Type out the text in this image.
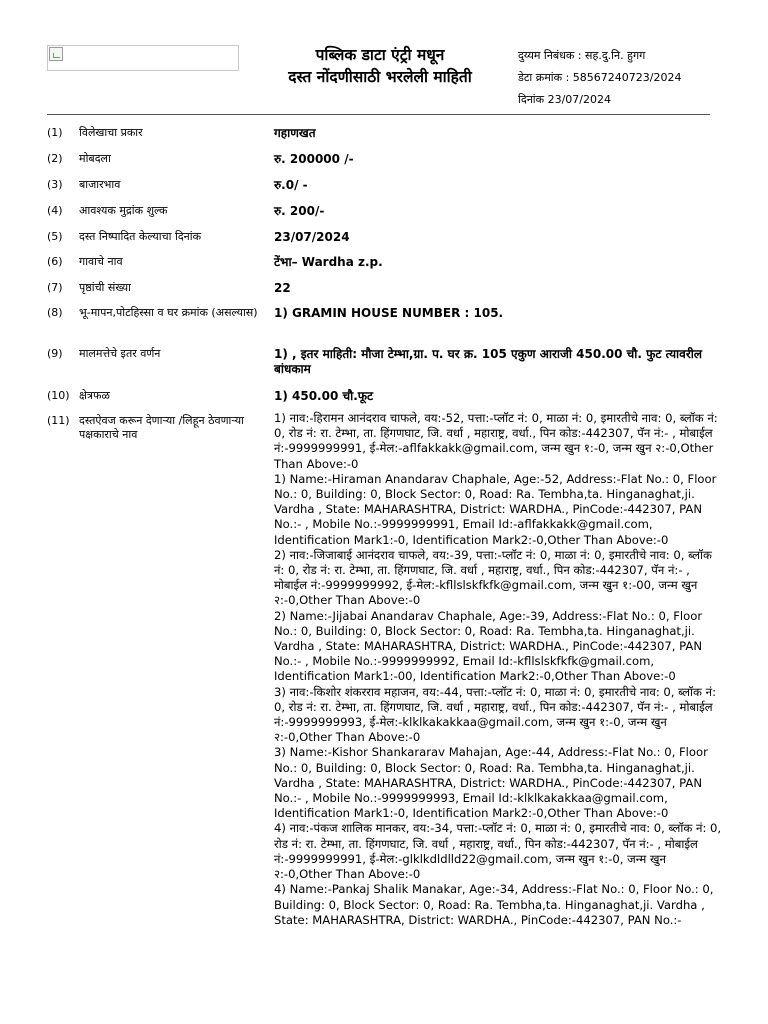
पब्लिक डाटा एंट्री मधून
दस्त नोंदणीसाठी भरलेली माहिती
दुय्यम निबंधक : सह.दु.नि. हुगग
डेटा क्रमांक : 58567240723/2024
दिनांक 23/07/2024
(1)	विलेखाचा प्रकार	गहाणखत
(2)	मोबदला	रु. 200000 /-
(3)	बाजारभाव	रु.0/ -
(4)	आवश्यक मुद्रांक शुल्क	रु. 200/-
(5)	दस्त निष्पादित केल्याचा दिनांक	23/07/2024
(6)	गावाचे नाव	टेंभा– Wardha z.p.
(7)	पृष्ठांची संख्या	22
(8)	भू-मापन,पोटहिस्सा व घर क्रमांक (असल्यास)	1) GRAMIN HOUSE NUMBER : 105.
(9)	मालमत्तेचे इतर वर्णन	1) , इतर माहिती: मौजा टेम्भा,ग्रा. प. घर क्र. 105 एकुण आराजी 450.00 चौ. फुट त्यावरील बांधकाम
(10) क्षेत्रफळ	1) 450.00 चौ.फूट
(11) दस्तऐवज करून देणाऱ्या /लिहून ठेवणाऱ्या पक्षकाराचे नाव

1) नाव:-हिरामन आनंदराव चाफले, वय:-52, पत्ता:-प्लॉट नं: 0, माळा नं: 0, इमारतीचे नाव: 0, ब्लॉक नं: 0, रोड नं: रा. टेम्भा, ता. हिंगणघाट, जि. वर्धा , महाराष्ट्र, वर्धा., पिन कोड:-442307, पॅन नं:- , मोबाईल नं:-9999999991, ई-मेल:-aflfakkakk@gmail.com, जन्म खुन १:-0, जन्म खुन २:-0,Other Than Above:-0

1) Name:-Hiraman Anandarav Chaphale, Age:-52, Address:-Flat No.: 0, Floor No.: 0, Building: 0, Block Sector: 0, Road: Ra. Tembha,ta. Hinganaghat,ji. Vardha , State: MAHARASHTRA, District: WARDHA., PinCode:-442307, PAN No.:- , Mobile No.:-9999999991, Email Id:-aflfakkakk@gmail.com, Identification Mark1:-0, Identification Mark2:-0,Other Than Above:-0

2) नाव:-जिजाबाई आनंदराव चाफले, वय:-39, पत्ता:-प्लॉट नं: 0, माळा नं: 0, इमारतीचे नाव: 0, ब्लॉक नं: 0, रोड नं: रा. टेम्भा, ता. हिंगणघाट, जि. वर्धा , महाराष्ट्र, वर्धा., पिन कोड:-442307, पॅन नं:- , मोबाईल नं:-9999999992, ई-मेल:-kfllslskfkfk@gmail.com, जन्म खुन १:-00, जन्म खुन २:-0,Other Than Above:-0

2) Name:-Jijabai Anandarav Chaphale, Age:-39, Address:-Flat No.: 0, Floor No.: 0, Building: 0, Block Sector: 0, Road: Ra. Tembha,ta. Hinganaghat,ji. Vardha , State: MAHARASHTRA, District: WARDHA., PinCode:-442307, PAN No.:- , Mobile No.:-9999999992, Email Id:-kfllslskfkfk@gmail.com, Identification Mark1:-00, Identification Mark2:-0,Other Than Above:-0

3) नाव:-किशोर शंकरराव महाजन, वय:-44, पत्ता:-प्लॉट नं: 0, माळा नं: 0, इमारतीचे नाव: 0, ब्लॉक नं: 0, रोड नं: रा. टेम्भा, ता. हिंगणघाट, जि. वर्धा , महाराष्ट्र, वर्धा., पिन कोड:-442307, पॅन नं:- , मोबाईल नं:-9999999993, ई-मेल:-klklkakakkaa@gmail.com, जन्म खुन १:-0, जन्म खुन २:-0,Other Than Above:-0

3) Name:-Kishor Shankararav Mahajan, Age:-44, Address:-Flat No.: 0, Floor No.: 0, Building: 0, Block Sector: 0, Road: Ra. Tembha,ta. Hinganaghat,ji. Vardha , State: MAHARASHTRA, District: WARDHA., PinCode:-442307, PAN No.:- , Mobile No.:-9999999993, Email Id:-klklkakakkaa@gmail.com, Identification Mark1:-0, Identification Mark2:-0,Other Than Above:-0

4) नाव:-पंकज शालिक मानकर, वय:-34, पत्ता:-प्लॉट नं: 0, माळा नं: 0, इमारतीचे नाव: 0, ब्लॉक नं: 0, रोड नं: रा. टेम्भा, ता. हिंगणघाट, जि. वर्धा , महाराष्ट्र, वर्धा., पिन कोड:-442307, पॅन नं:- , मोबाईल नं:-9999999991, ई-मेल:-glklkdldlld22@gmail.com, जन्म खुन १:-0, जन्म खुन २:-0,Other Than Above:-0

4) Name:-Pankaj Shalik Manakar, Age:-34, Address:-Flat No.: 0, Floor No.: 0, Building: 0, Block Sector: 0, Road: Ra. Tembha,ta. Hinganaghat,ji. Vardha , State: MAHARASHTRA, District: WARDHA., PinCode:-442307, PAN No.:-
